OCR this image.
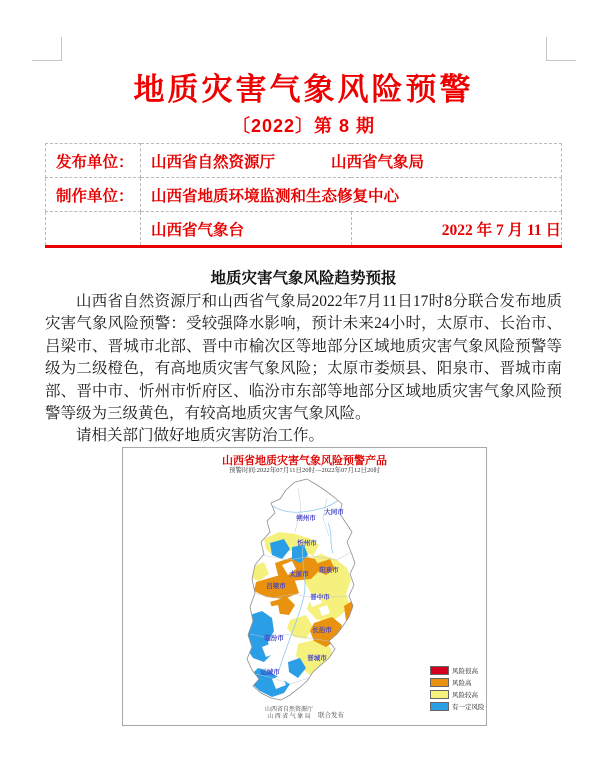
地质灾害气象风险预警
〔2022〕第 8 期
发布单位：	山西省自然资源厅 山西省气象局	
制作单位：	山西省地质环境监测和生态修复中心	
	山西省气象台	2022 年 7 月 11 日
地质灾害气象风险趋势预报

山西省自然资源厅和山西省气象局2022年7月11日17时8分联合发布地质灾害气象风险预警：受较强降水影响，预计未来24小时，太原市、长治市、吕梁市、晋城市北部、晋中市榆次区等地部分区域地质灾害气象风险预警等级为二级橙色，有高地质灾害气象风险；太原市娄烦县、阳泉市、晋城市南部、晋中市、忻州市忻府区、临汾市东部等地部分区域地质灾害气象风险预警等级为三级黄色，有较高地质灾害气象风险。

请相关部门做好地质灾害防治工作。

大同市
朔州市
忻州市
阳泉市
太原市
吕梁市
晋中市
长治市
临汾市
晋城市
运城市
山西省地质灾害气象风险预警产品
预警时间:2022年07月11日20时—2022年07月12日20时
风险很高
风险高
风险较高
有一定风险
山西省自然资源厅
山 西 省 气 象 局	联合发布
